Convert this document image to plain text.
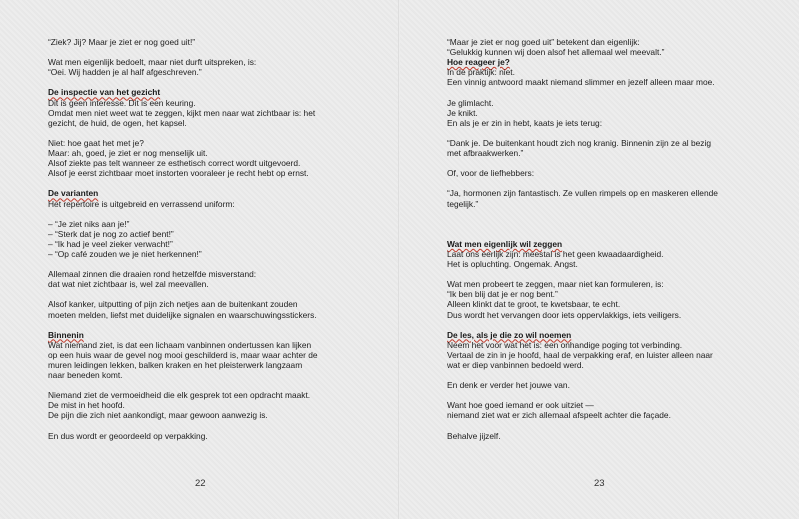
“Ziek? Jij? Maar je ziet er nog goed uit!”

Wat men eigenlijk bedoelt, maar niet durft uitspreken, is:
“Oei. Wij hadden je al half afgeschreven.”

De inspectie van het gezicht

Dit is geen interesse. Dit is een keuring.
Omdat men niet weet wat te zeggen, kijkt men naar wat zichtbaar is: het
gezicht, de huid, de ogen, het kapsel.

Niet: hoe gaat het met je?
Maar: ah, goed, je ziet er nog menselijk uit.
Alsof ziekte pas telt wanneer ze esthetisch correct wordt uitgevoerd.
Alsof je eerst zichtbaar moet instorten vooraleer je recht hebt op ernst.

De varianten

Het repertoire is uitgebreid en verrassend uniform:

– “Je ziet niks aan je!”
– “Sterk dat je nog zo actief bent!”
– “Ik had je veel zieker verwacht!”
– “Op café zouden we je niet herkennen!”

Allemaal zinnen die draaien rond hetzelfde misverstand:
dat wat niet zichtbaar is, wel zal meevallen.

Alsof kanker, uitputting of pijn zich netjes aan de buitenkant zouden
moeten melden, liefst met duidelijke signalen en waarschuwingsstickers.

Binnenin

Wat niemand ziet, is dat een lichaam vanbinnen ondertussen kan lijken
op een huis waar de gevel nog mooi geschilderd is, maar waar achter de
muren leidingen lekken, balken kraken en het pleisterwerk langzaam
naar beneden komt.

Niemand ziet de vermoeidheid die elk gesprek tot een opdracht maakt.
De mist in het hoofd.
De pijn die zich niet aankondigt, maar gewoon aanwezig is.

En dus wordt er geoordeeld op verpakking.

22

“Maar je ziet er nog goed uit” betekent dan eigenlijk:
“Gelukkig kunnen wij doen alsof het allemaal wel meevalt.”

Hoe reageer je?

In de praktijk: niet.
Een vinnig antwoord maakt niemand slimmer en jezelf alleen maar moe.

Je glimlacht.
Je knikt.
En als je er zin in hebt, kaats je iets terug:

“Dank je. De buitenkant houdt zich nog kranig. Binnenin zijn ze al bezig
met afbraakwerken.”

Of, voor de liefhebbers:

“Ja, hormonen zijn fantastisch. Ze vullen rimpels op en maskeren ellende
tegelijk.”

Wat men eigenlijk wil zeggen

Laat ons eerlijk zijn: meestal is het geen kwaadaardigheid.
Het is opluchting. Ongemak. Angst.

Wat men probeert te zeggen, maar niet kan formuleren, is:
“Ik ben blij dat je er nog bent.”
Alleen klinkt dat te groot, te kwetsbaar, te echt.
Dus wordt het vervangen door iets oppervlakkigs, iets veiligers.

De les, als je die zo wil noemen

Neem het voor wat het is: een onhandige poging tot verbinding.
Vertaal de zin in je hoofd, haal de verpakking eraf, en luister alleen naar
wat er diep vanbinnen bedoeld werd.

En denk er verder het jouwe van.

Want hoe goed iemand er ook uitziet —
niemand ziet wat er zich allemaal afspeelt achter die façade.

Behalve jijzelf.

23
